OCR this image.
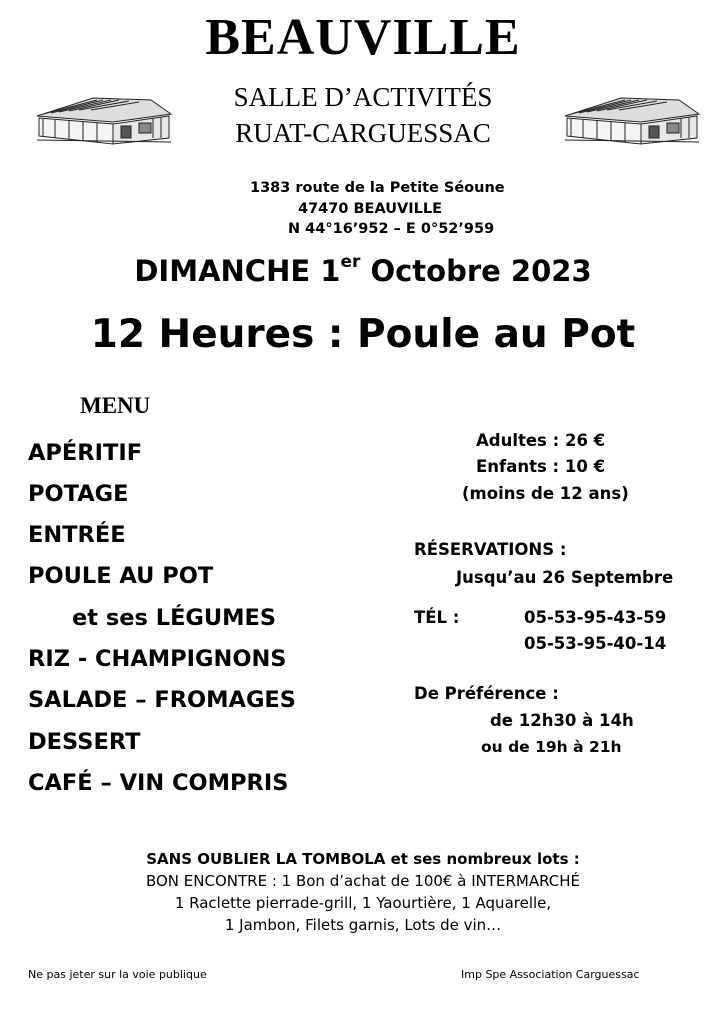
BEAUVILLE
SALLE D’ACTIVITÉS
RUAT-CARGUESSAC
1383 route de la Petite Séoune
47470 BEAUVILLE
N 44°16’952 – E 0°52’959
DIMANCHE 1er Octobre 2023
12 Heures : Poule au Pot
MENU
APÉRITIF
POTAGE
ENTRÉE
POULE AU POT
et ses LÉGUMES
RIZ - CHAMPIGNONS
SALADE – FROMAGES
DESSERT
CAFÉ – VIN COMPRIS
Adultes : 26 €
Enfants : 10 €
(moins de 12 ans)
RÉSERVATIONS :
Jusqu’au 26 Septembre
TÉL :	05-53-95-43-59
05-53-95-40-14
De Préférence :
de 12h30 à 14h
ou de 19h à 21h
SANS OUBLIER LA TOMBOLA et ses nombreux lots :
BON ENCONTRE : 1 Bon d’achat de 100€ à INTERMARCHÉ
1 Raclette pierrade-grill, 1 Yaourtière, 1 Aquarelle,
1 Jambon, Filets garnis, Lots de vin…
Ne pas jeter sur la voie publique	Imp Spe Association Carguessac
